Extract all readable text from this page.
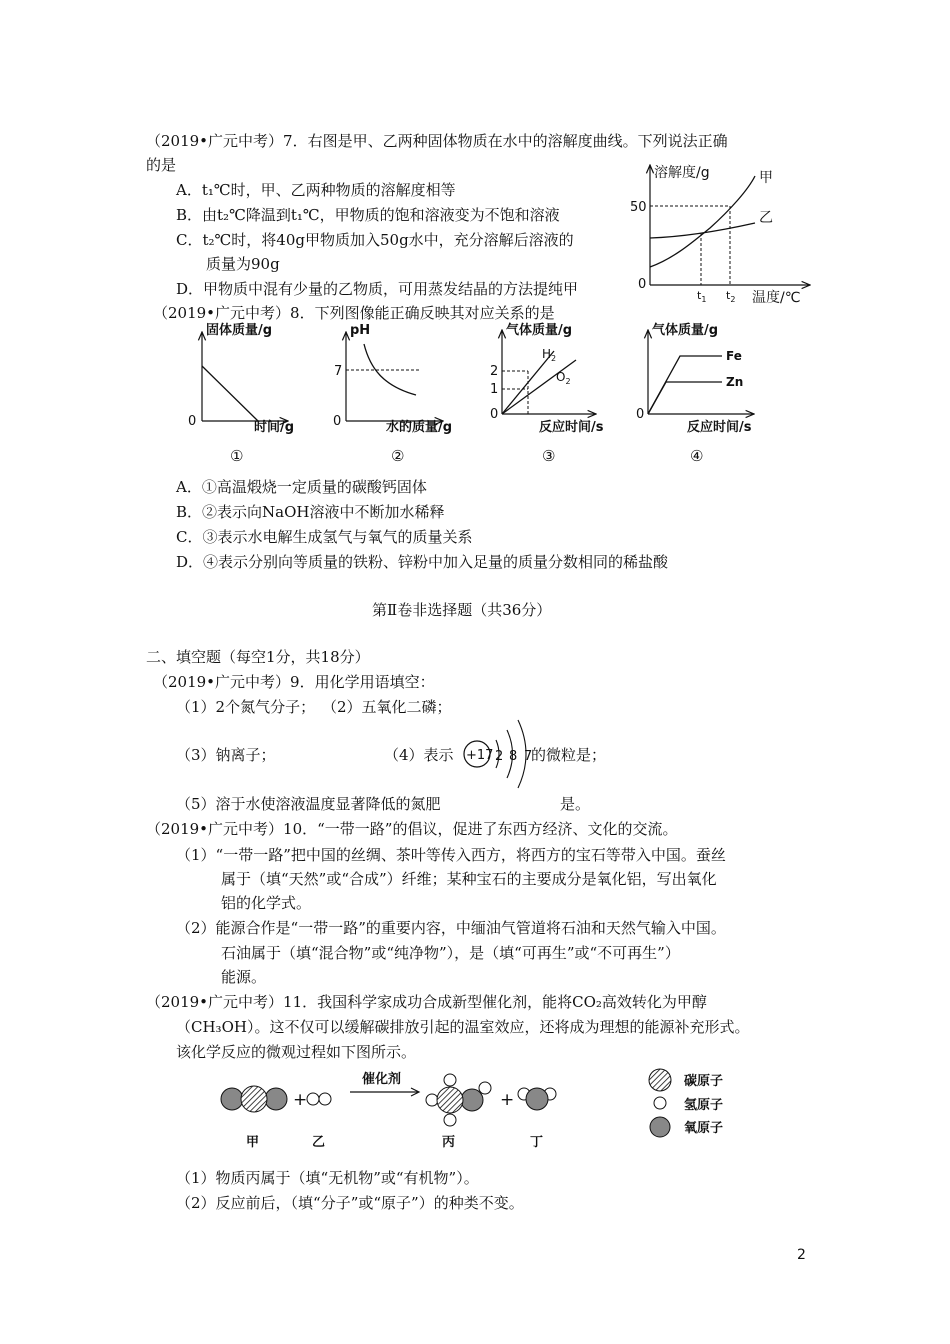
（2019•广元中考）7．右图是甲、乙两种固体物质在水中的溶解度曲线。下列说法正确
的是
A．t₁℃时，甲、乙两种物质的溶解度相等
B．由t₂℃降温到t₁℃，甲物质的饱和溶液变为不饱和溶液
C．t₂℃时，将40g甲物质加入50g水中，充分溶解后溶液的
质量为90g
D．甲物质中混有少量的乙物质，可用蒸发结晶的方法提纯甲
溶解度/g
温度/℃
50
0
甲
乙
$t_1$ $t_2$
（2019•广元中考）8．下列图像能正确反映其对应关系的是
固体质量/g
时间/g
0
①
pH
水的质量/g
0
7
②
气体质量/g
反应时间/s
0
2
1
$H_2$
$O_2$
③
气体质量/g
反应时间/s
0
Fe
Zn
④
A．①高温煅烧一定质量的碳酸钙固体
B．②表示向NaOH溶液中不断加水稀释
C．③表示水电解生成氢气与氧气的质量关系
D．④表示分别向等质量的铁粉、锌粉中加入足量的质量分数相同的稀盐酸
第Ⅱ卷非选择题（共36分）
二、填空题（每空1分，共18分）
（2019•广元中考）9．用化学用语填空：
（1）2个氮气分子； （2）五氧化二磷；
（3）钠离子；	（4）表示 +17 2 8 7
的微粒是；
（5）溶于水使溶液温度显著降低的氮肥	是。
（2019•广元中考）10．“一带一路”的倡议，促进了东西方经济、文化的交流。
（1）“一带一路”把中国的丝绸、茶叶等传入西方，将西方的宝石等带入中国。蚕丝
属于（填“天然”或“合成”）纤维；某种宝石的主要成分是氧化铝，写出氧化
铝的化学式。
（2）能源合作是“一带一路”的重要内容，中缅油气管道将石油和天然气输入中国。
石油属于（填“混合物”或“纯净物”），是（填“可再生”或“不可再生”）
能源。
（2019•广元中考）11．我国科学家成功合成新型催化剂，能将CO₂高效转化为甲醇
（CH₃OH）。这不仅可以缓解碳排放引起的温室效应，还将成为理想的能源补充形式。
该化学反应的微观过程如下图所示。
+
催化剂
+
甲	乙	丙	丁
碳原子
氢原子
氧原子
（1）物质丙属于（填“无机物”或“有机物”）。
（2）反应前后，（填“分子”或“原子”）的种类不变。
2
